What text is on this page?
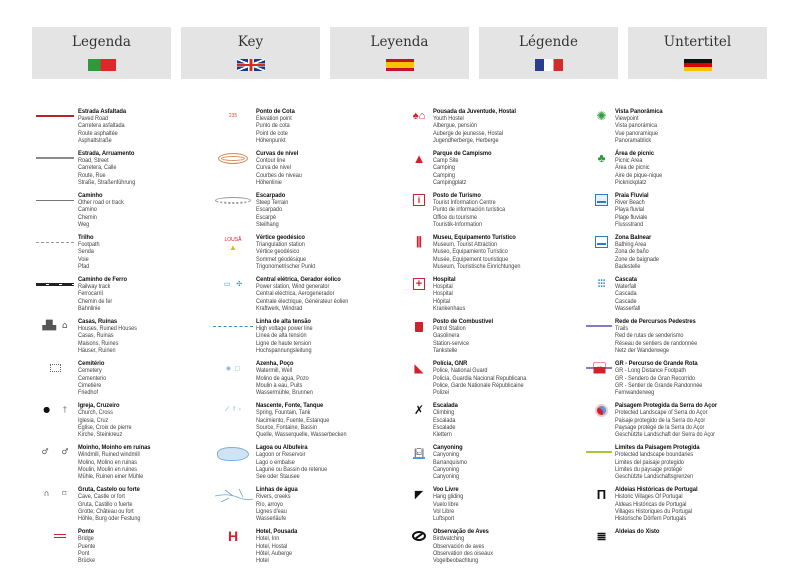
Legenda	Key	Leyenda	Légende	Untertitel
Estrada Asfaltada
Paved Road
Carretera asfaltada
Route asphaltée
Asphaltstraße
Estrada, Arruamento
Road, Street
Carretera, Calle
Route, Rue
Straße, Straßenführung
Caminho
Other road or track
Camino
Chemin
Weg
Trilho
Footpath
Senda
Voie
Pfad
Caminho de Ferro
Railway track
Ferrocarril
Chemin de fer
Bahnlinie
▟▙  ⌂ Casas, Ruínas
Houses, Ruined Houses
Casas, Ruinas
Maisons, Ruines
Häuser, Ruinen
Cemitério
Cemetery
Cementerio
Cimetière
Friedhof
●     † Igreja, Cruzeiro
Church, Cross
Iglesia, Cruz
Eglise, Croix de pierre
Kirche, Steinkreuz
♂     ♂ Moinho, Moinho em ruínas
Windmill, Ruined windmill
Molino, Molino en ruinas
Moulin, Moulin en ruines
Mühle, Ruinen einer Mühle
∩     ⌑ Gruta, Castelo ou forte
Cave, Castle or fort
Gruta, Castillo o fuerte
Grotte, Château ou fort
Höhle, Burg oder Festung
Ponte
Bridge
Puente
Pont
Brücke
235
Ponto de Cota
Elevation point
Punto de cota
Point de cote
Höhenpunkt
Curvas de nível
Contour line
Curva de nivel
Courbes de niveau
Höhenlinie
Escarpado
Steep Terrain
Escarpado
Escarpé
Steilhang
LOUSÃ
▲
Vértice geodésico
Triangulation station
Vértice geodésico
Sommet géodésique
Trigonometrischer Punkt
▭   ✣
Central elétrica, Gerador éolico
Power station, Wind generator
Central eléctrica, Aerogenerador
Centrale électrique, Générateur éolien
Kraftwerk, Windrad
Linha de alta tensão
High voltage power line
Línea de alta tensión
Ligne de haute tension
Hochspannungsleitung
◉  ▢
Azenha, Poço
Watermill, Well
Molino de agua, Pozo
Moulin à eau, Puits
Wassermühle, Brunnen
⟋  ⊺  ◦
Nascente, Fonte, Tanque
Spring, Fountain, Tank
Nacimiento, Fuente, Estanque
Source, Fontaine, Bassin
Quelle, Wasserquelle, Wasserbecken
Lagoa ou Albufeira
Lagoon or Reservoir
Lago o embalse
Lagune ou Bassin de retenue
See oder Stausee
Linhas de água
Rivers, creeks
Río, arroyo
Lignes d'eau
Wasserläufe
H	Hotel, Pousada
Hotel, Inn
Hotel, Hostal
Hôtel, Auberge
Hotel
♠⌂ Pousada da Juventude, Hostal
Youth Hostel
Albergue, pensión
Auberge de jeunesse, Hostal
Jugendherberge, Herberge
▲ Parque de Campismo
Camp Site
Camping
Camping
Campingplatz
i	Posto de Turismo
Tourist Information Centre
Punto de información turística
Office du tourisme
Touristik-Information
⫼ Museu, Equipamento Turístico
Museum, Tourist Attraction
Museo, Equipamiento Turístico
Musée, Equipement touristique
Museum, Touristische Einrichtungen
+	Hospital
Hospital
Hospital
Hôpital
Krankenhaus
Posto de Combustível
Petrol Station
Gasolinera
Station-service
Tankstelle
◣ Polícia, GNR
Police, National Guard
Policía, Guardia Nacional Republicana
Police, Garde Nationale Républicaine
Polizei
✗ Escalada
Climbing
Escalada
Escalade
Klettern
|⍇| Canyoning
Canyoning
Barranquismo
Canyoning
Canyoning
◤ Voo Livre
Hang gliding
Vuelo libre
Vol Libre
Luftsport
Observação de Aves
Birdwatching
Observación de aves
Observation des oiseaux
Vogelbeobachtung
✺ Vista Panorâmica
Viewpoint
Vista panorámica
Vue panoramique
Panoramablick
♣ Área de picnic
Picnic Area
Área de picnic
Aire de pique-nique
Picknickplatz
Praia Fluvial
River Beach
Playa fluvial
Plage fluviale
Flussstrand
Zona Balnear
Bathing Area
Zona de baño
Zone de baignade
Badestelle
⫶⫶⫶ Cascata
Waterfall
Cascada
Cascade
Wasserfall
Rede de Percursos Pedestres
Trails
Red de rutas de senderismo
Réseau de sentiers de randonnée
Netz der Wanderwege
GR	GR - Percurso de Grande Rota
GR - Long Distance Footpath
GR - Sendero de Gran Recorrido
GR - Sentier de Grande Randonnée
Fernwanderweg
Paisagem Protegida da Serra do Açor
Protected Landscape of Serra do Açor
Paisaje protegido de la Serra do Açor
Paysage protégé de la Serra do Açor
Geschützte Landschaft der Serra do Açor
Limites da Paisagem Protegida
Protected landscape boundaries
Limites del paisaje protegido
Limites du paysage protégé
Geschützte Landschaftsgrenzen
Π Aldeias Históricas de Portugal
Historic Villages Of Portugal
Aldeas Históricas de Portugal
Villages Historiques du Portugal
Historische Dörfern Portugals
≣ Aldeias do Xisto
